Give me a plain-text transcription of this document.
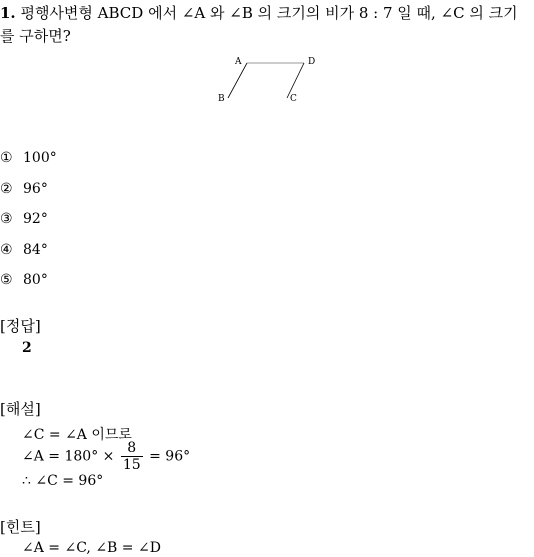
1. 평행사변형 ABCD 에서 ∠A 와 ∠B 의 크기의 비가 8 : 7 일 때, ∠C 의 크기를 구하면?
A	D
B	C
① 100°
② 96°
③ 92°
④ 84°
⑤ 80°
[정답]
2
[해설]
∠C = ∠A 이므로
∠A = $180^\circ \times \frac{8}{15} = 96^\circ$
∴ ∠C = 96°
[힌트]
∠A = ∠C, ∠B = ∠D
